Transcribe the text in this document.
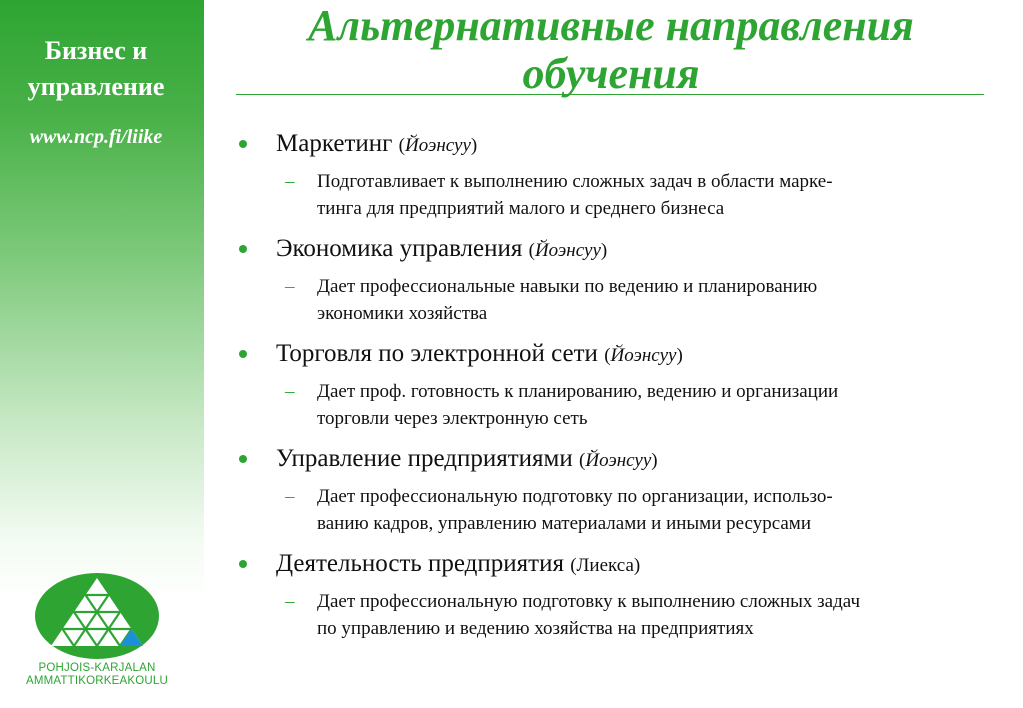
Бизнес и
управление
www.ncp.fi/liike
POHJOIS-KARJALAN
AMMATTIKORKEAKOULU
Альтернативные направления
обучения
Маркетинг (Йоэнсуу)
– Подготавливает к выполнению сложных задач в области марке-
тинга для предприятий малого и среднего бизнеса
Экономика управления (Йоэнсуу)
– Дает профессиональные навыки по ведению и планированию
экономики хозяйства
Торговля по электронной сети (Йоэнсуу)
– Дает проф. готовность к планированию, ведению и организации
торговли через электронную сеть
Управление предприятиями (Йоэнсуу)
– Дает профессиональную подготовку по организации, использо-
ванию кадров, управлению материалами и иными ресурсами
Деятельность предприятия (Лиекса)
– Дает профессиональную подготовку к выполнению сложных задач
по управлению и ведению хозяйства на предприятиях
